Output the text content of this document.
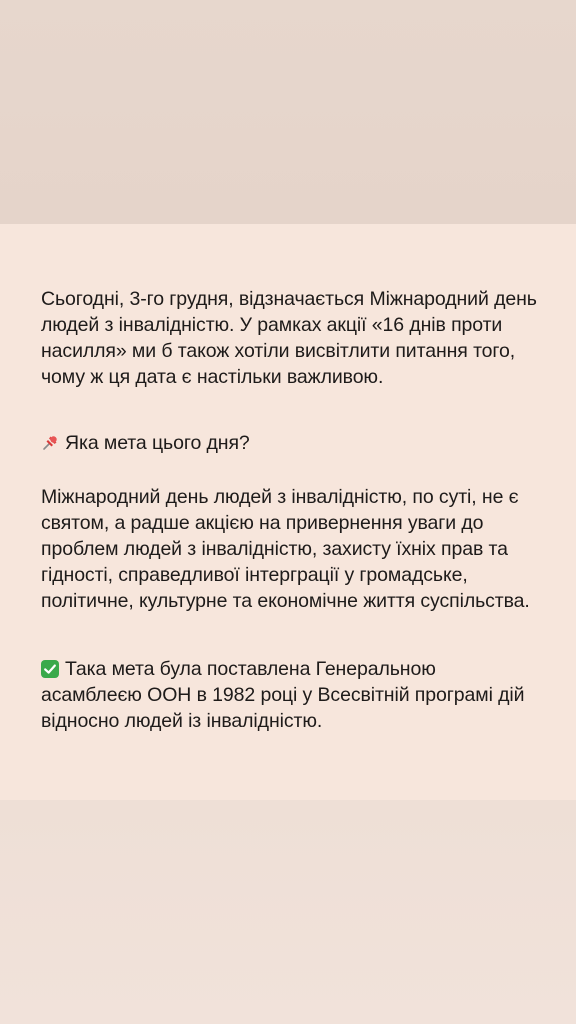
Сьогодні, 3-го грудня, відзначається Міжнародний день людей з інвалідністю. У рамках акції «16 днів проти насилля» ми б також хотіли висвітлити питання того, чому ж ця дата є настільки важливою.
Яка мета цього дня?
Міжнародний день людей з інвалідністю, по суті, не є святом, а радше акцією на привернення уваги до проблем людей з інвалідністю, захисту їхніх прав та гідності, справедливої інтерграції у громадське, політичне, культурне та економічне життя суспільства.
Така мета була поставлена Генеральною асамблеєю ООН в 1982 році у Всесвітній програмі дій відносно людей із інвалідністю.
